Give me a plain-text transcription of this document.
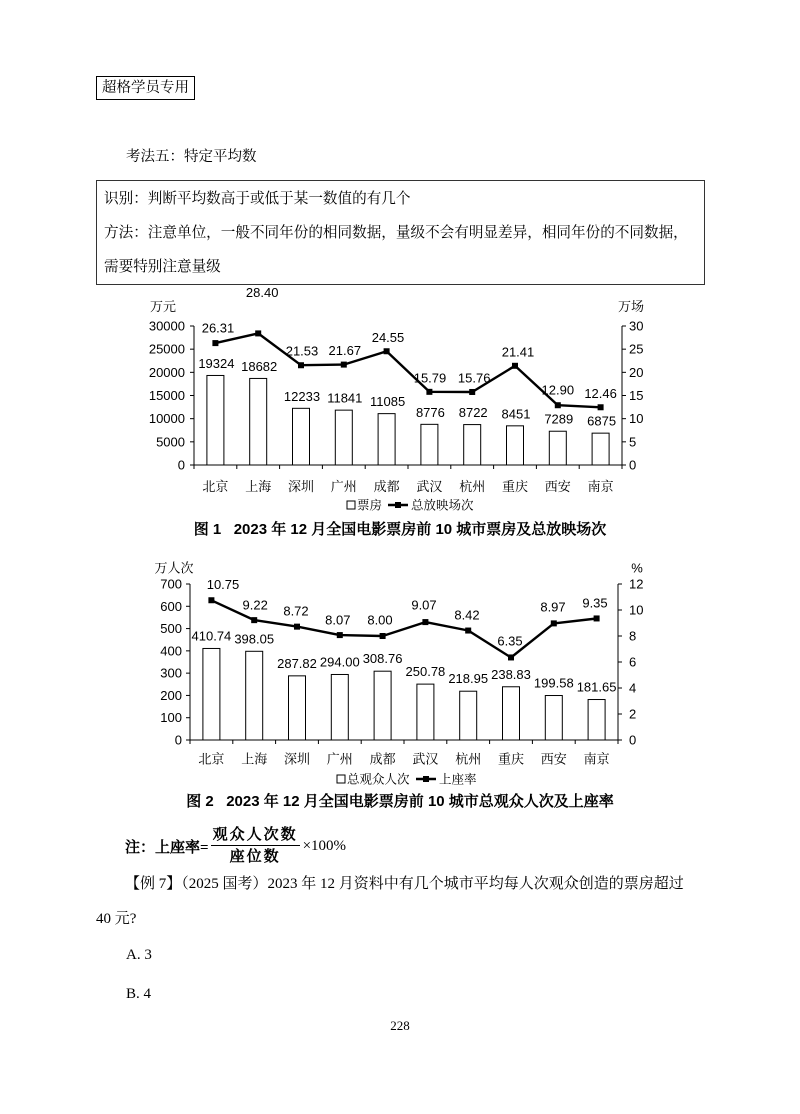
超格学员专用
考法五：特定平均数
识别：判断平均数高于或低于某一数值的有几个
方法：注意单位，一般不同年份的相同数据，量级不会有明显差异，相同年份的不同数据，
需要特别注意量级
万元	万场
0
5000
10000
15000
20000
25000
30000
0
5
10
15
20
25
30
19324 18682
12233 11841 11085
8776 8722 8451 7289 6875
26.31
28.40
21.53 21.67
24.55
15.79 15.76
21.41
12.90 12.46
北京 上海 深圳 广州 成都 武汉 杭州 重庆 西安 南京
票房 总放映场次
图 1   2023 年 12 月全国电影票房前 10 城市票房及总放映场次
万人次	%
0
100
200
300
400
500
600
700
0
2
4
6
8
10
12
410.74 398.05
287.82 294.00 308.76
250.78 218.95 238.83
199.58 181.65
10.75
9.22 8.72
8.07 8.00
9.07
8.42
6.35
8.97 9.35
北京 上海 深圳 广州 成都 武汉 杭州 重庆 西安 南京
总观众人次 上座率
图 2   2023 年 12 月全国电影票房前 10 城市总观众人次及上座率
注：上座率= $\frac{\text{观众人次数}}{\text{座位数}} \times 100\%$
【例 7】（2025 国考）2023 年 12 月资料中有几个城市平均每人次观众创造的票房超过
40 元?
A. 3
B. 4
228
